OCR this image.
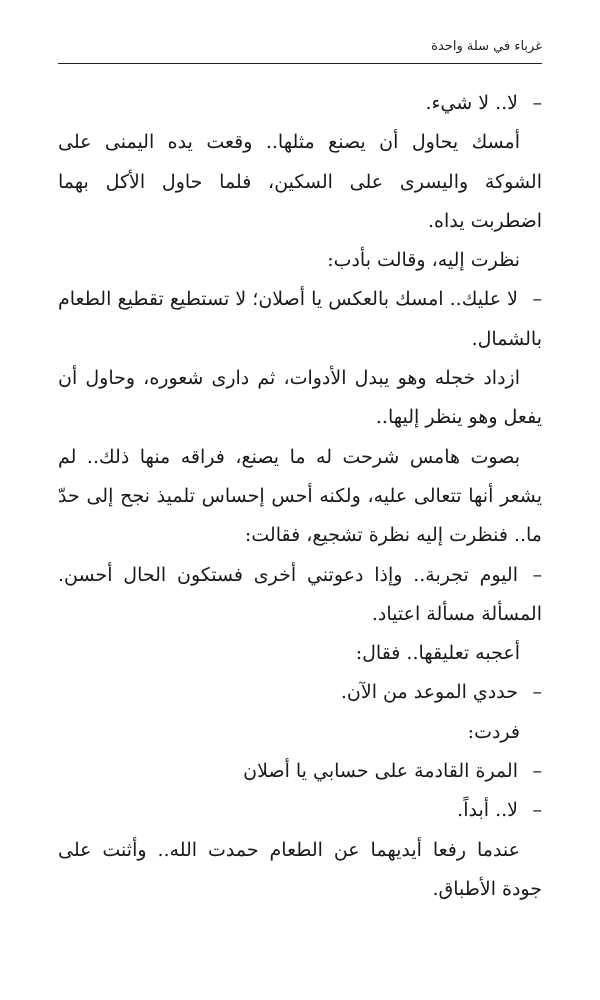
غرباء في سلة واحدة

–لا.. لا شيء.

أمسك يحاول أن يصنع مثلها.. وقعت يده اليمنى على الشوكة واليسرى على السكين، فلما حاول الأكل بهما اضطربت يداه.

نظرت إليه، وقالت بأدب:

–لا عليك.. امسك بالعكس يا أصلان؛ لا تستطيع تقطيع الطعام بالشمال.

ازداد خجله وهو يبدل الأدوات، ثم دارى شعوره، وحاول أن يفعل وهو ينظر إليها..

بصوت هامس شرحت له ما يصنع، فراقه منها ذلك.. لم يشعر أنها تتعالى عليه، ولكنه أحس إحساس تلميذ نجح إلى حدّ ما.. فنظرت إليه نظرة تشجيع، فقالت:

–اليوم تجربة.. وإذا دعوتني أخرى فستكون الحال أحسن. المسألة مسألة اعتياد.

أعجبه تعليقها.. فقال:

–حددي الموعد من الآن.

فردت:

–المرة القادمة على حسابي يا أصلان

–لا.. أبداً.

عندما رفعا أيديهما عن الطعام حمدت الله.. وأثنت على جودة الأطباق.
